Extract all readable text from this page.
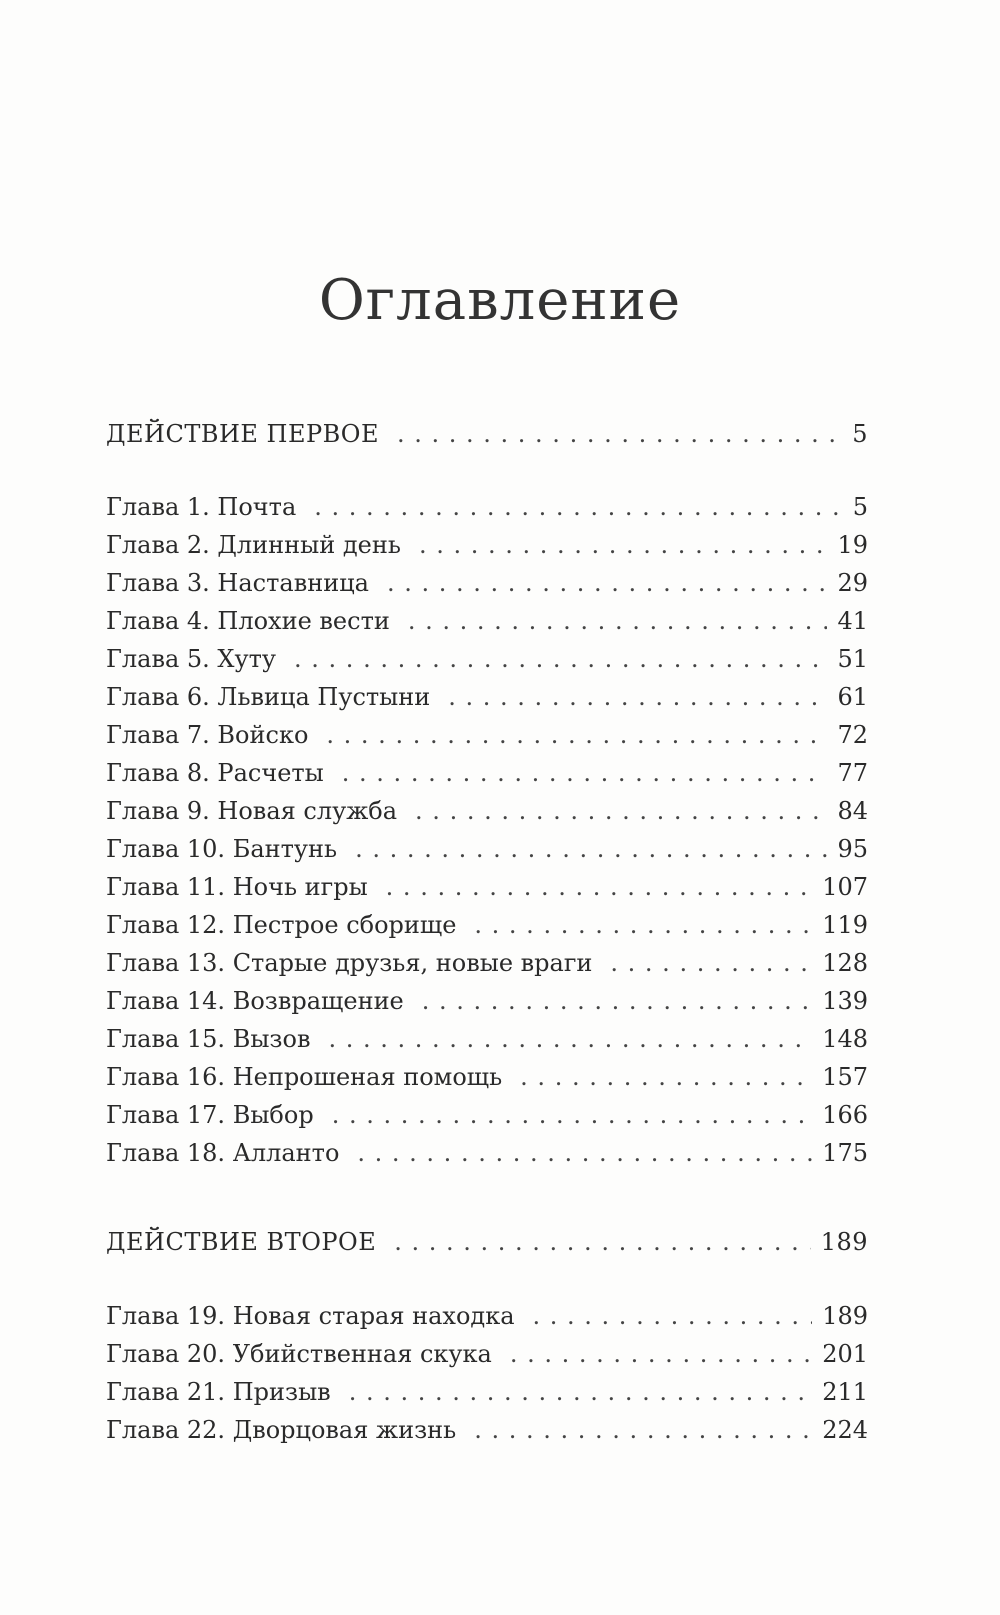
Оглавление
ДЕЙСТВИЕ ПЕРВОЕ . . .	5
Глава 1. Почта . . .	5
Глава 2. Длинный день . . .	19
Глава 3. Наставница . . .	29
Глава 4. Плохие вести . . .	41
Глава 5. Хуту . . .	51
Глава 6. Львица Пустыни . . .	61
Глава 7. Войско . . .	72
Глава 8. Расчеты . . .	77
Глава 9. Новая служба . . .	84
Глава 10. Бантунь . . .	95
Глава 11. Ночь игры . . .	107
Глава 12. Пестрое сборище . . .	119
Глава 13. Старые друзья, новые враги . . .	128
Глава 14. Возвращение . . .	139
Глава 15. Вызов . . .	148
Глава 16. Непрошеная помощь . . .	157
Глава 17. Выбор . . .	166
Глава 18. Алланто . . .	175
ДЕЙСТВИЕ ВТОРОЕ . . .	189
Глава 19. Новая старая находка . . .	189
Глава 20. Убийственная скука . . .	201
Глава 21. Призыв . . .	211
Глава 22. Дворцовая жизнь . . .	224
